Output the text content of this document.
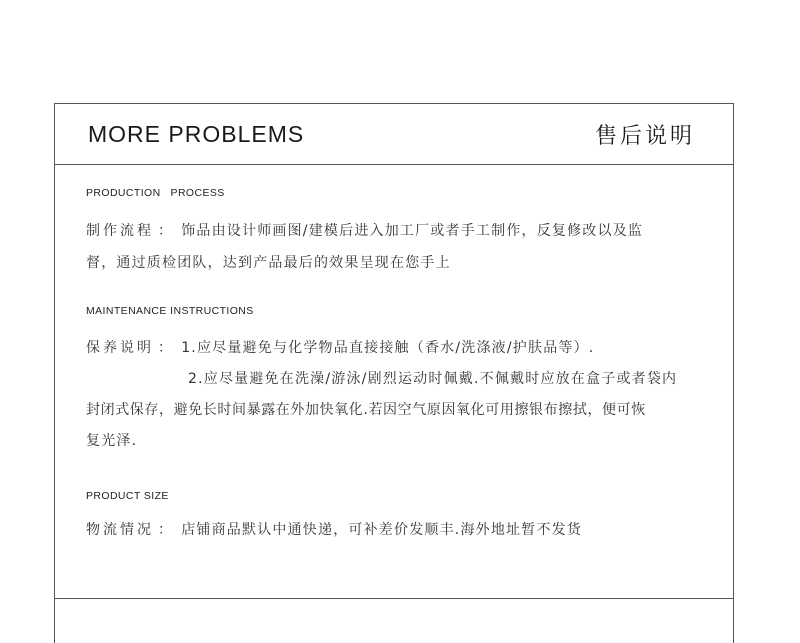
MORE PROBLEMS	售后说明
PRODUCTION   PROCESS
制作流程 ： 饰品由设计师画图/建模后进入加工厂或者手工制作，反复修改以及监
督，通过质检团队，达到产品最后的效果呈现在您手上
MAINTENANCE INSTRUCTIONS
保养说明 ： 1.应尽量避免与化学物品直接接触（香水/洗涤液/护肤品等）.
2.应尽量避免在洗澡/游泳/剧烈运动时佩戴.不佩戴时应放在盒子或者袋内
封闭式保存，避免长时间暴露在外加快氧化.若因空气原因氧化可用擦银布擦拭，便可恢
复光泽.
PRODUCT SIZE
物流情况 ： 店铺商品默认中通快递，可补差价发顺丰.海外地址暂不发货
